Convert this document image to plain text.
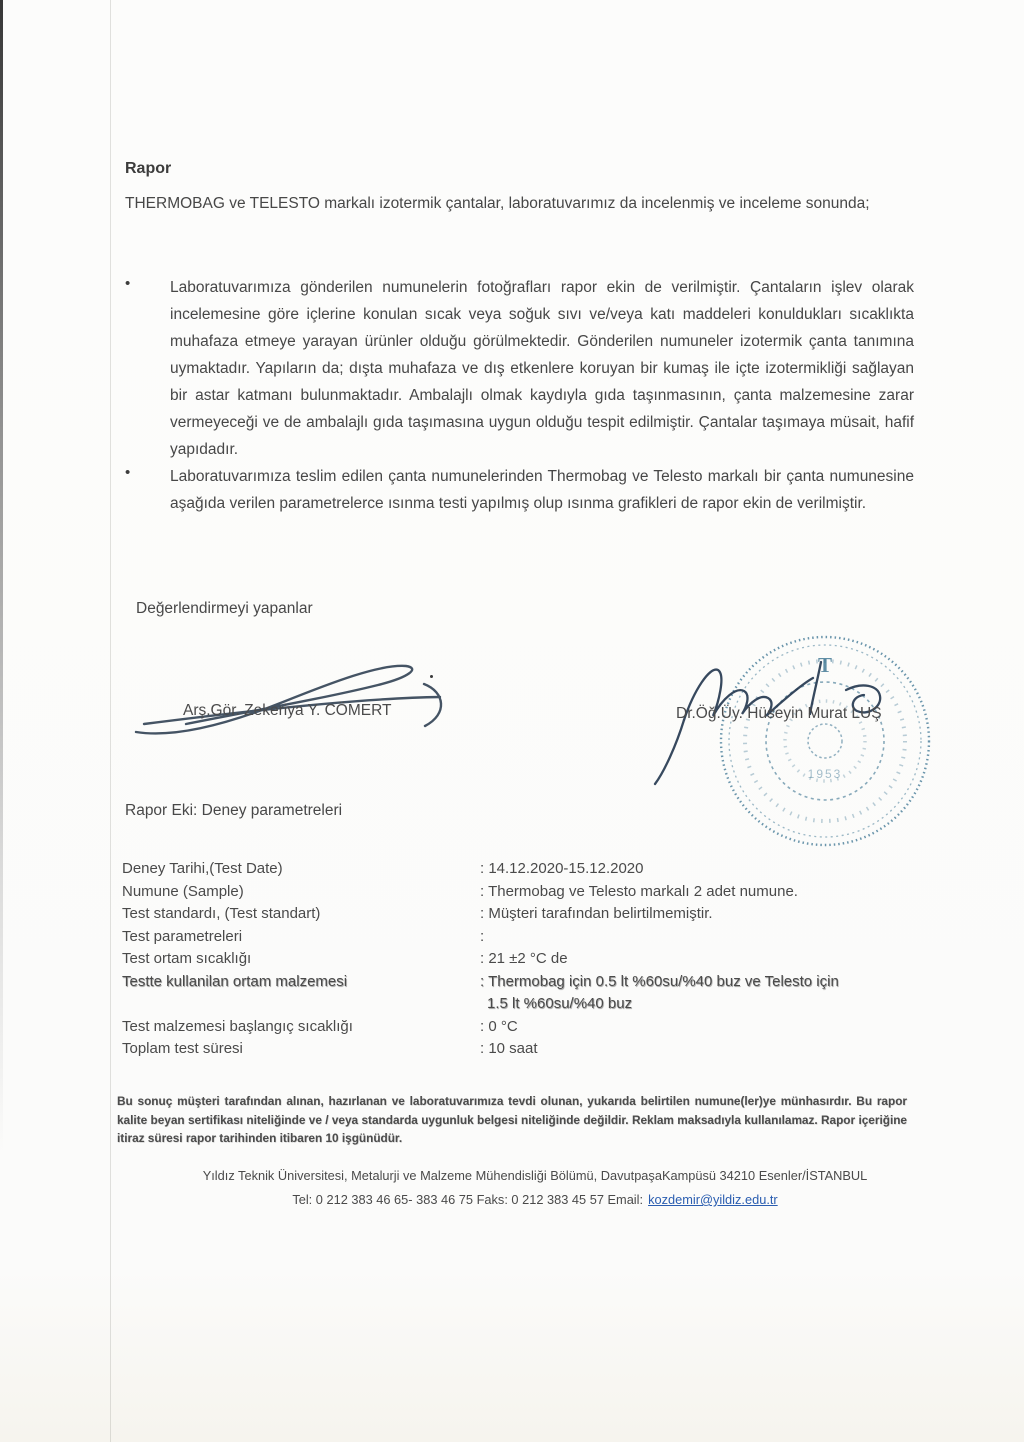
Rapor

THERMOBAG ve TELESTO markalı izotermik çantalar, laboratuvarımız da incelenmiş ve inceleme sonunda;

•	Laboratuvarımıza gönderilen numunelerin fotoğrafları rapor ekin de verilmiştir. Çantaların işlev olarak incelemesine göre içlerine konulan sıcak veya soğuk sıvı ve/veya katı maddeleri konuldukları sıcaklıkta muhafaza etmeye yarayan ürünler olduğu görülmektedir. Gönderilen numuneler izotermik çanta tanımına uymaktadır. Yapıların da; dışta muhafaza ve dış etkenlere koruyan bir kumaş ile içte izotermikliği sağlayan bir astar katmanı bulunmaktadır. Ambalajlı olmak kaydıyla gıda taşınmasının, çanta malzemesine zarar vermeyeceği ve de ambalajlı gıda taşımasına uygun olduğu tespit edilmiştir. Çantalar taşımaya müsait, hafif yapıdadır.
•	Laboratuvarımıza teslim edilen çanta numunelerinden Thermobag ve Telesto markalı bir çanta numunesine aşağıda verilen parametrelerce ısınma testi yapılmış olup ısınma grafikleri de rapor ekin de verilmiştir.
Değerlendirmeyi yapanlar
Arş.Gör. Zekeriya Y. CÖMERT
T
1953
Dr.Öğ.Üy. Hüseyin Murat LUŞ
Rapor Eki: Deney parametreleri
Deney Tarihi,(Test Date)	: 14.12.2020-15.12.2020
Numune (Sample)	: Thermobag ve Telesto markalı 2 adet numune.
Test standardı, (Test standart)	: Müşteri tarafından belirtilmemiştir.
Test parametreleri	:
Test ortam sıcaklığı	: 21 ±2 °C de
Testte kullanilan ortam malzemesi	: Thermobag için 0.5 lt %60su/%40 buz ve Telesto için
1.5 lt %60su/%40 buz
Test malzemesi başlangıç sıcaklığı	: 0 °C
Toplam test süresi	: 10 saat

Bu sonuç müşteri tarafından alınan, hazırlanan ve laboratuvarımıza tevdi olunan, yukarıda belirtilen numune(ler)ye münhasırdır. Bu rapor kalite beyan sertifikası niteliğinde ve / veya standarda uygunluk belgesi niteliğinde değildir. Reklam maksadıyla kullanılamaz. Rapor içeriğine itiraz süresi rapor tarihinden itibaren 10 işgünüdür.

Yıldız Teknik Üniversitesi, Metalurji ve Malzeme Mühendisliği Bölümü, DavutpaşaKampüsü 34210 Esenler/İSTANBUL
Tel: 0 212 383 46 65- 383 46 75 Faks: 0 212 383 45 57 Email: kozdemir@yildiz.edu.tr
